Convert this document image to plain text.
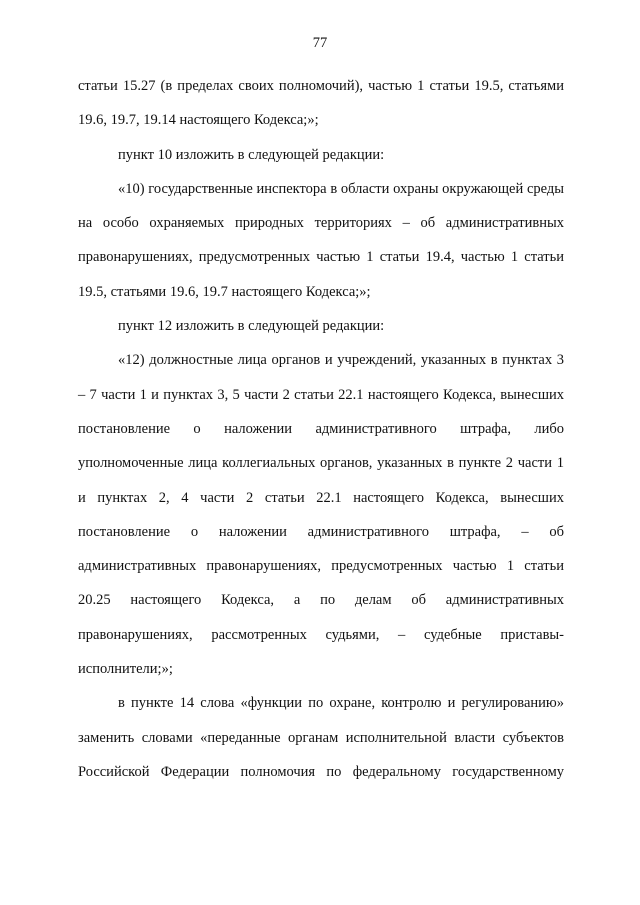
77

статьи 15.27 (в пределах своих полномочий), частью 1 статьи 19.5, статьями 19.6, 19.7, 19.14 настоящего Кодекса;»;

пункт 10 изложить в следующей редакции:

«10) государственные инспектора в области охраны окружающей среды на особо охраняемых природных территориях – об административных правонарушениях, предусмотренных частью 1 статьи 19.4, частью 1 статьи 19.5, статьями 19.6, 19.7 настоящего Кодекса;»;

пункт 12 изложить в следующей редакции:

«12) должностные лица органов и учреждений, указанных в пунктах 3 – 7 части 1 и пунктах 3, 5 части 2 статьи 22.1 настоящего Кодекса, вынесших постановление о наложении административного штрафа, либо уполномоченные лица коллегиальных органов, указанных в пункте 2 части 1 и пунктах 2, 4 части 2 статьи 22.1 настоящего Кодекса, вынесших постановление о наложении административного штрафа, – об административных правонарушениях, предусмотренных частью 1 статьи 20.25 настоящего Кодекса, а по делам об административных правонарушениях, рассмотренных судьями, – судебные приставы-исполнители;»;

в пункте 14 слова «функции по охране, контролю и регулированию» заменить словами «переданные органам исполнительной власти субъектов Российской Федерации полномочия по федеральному государственному
